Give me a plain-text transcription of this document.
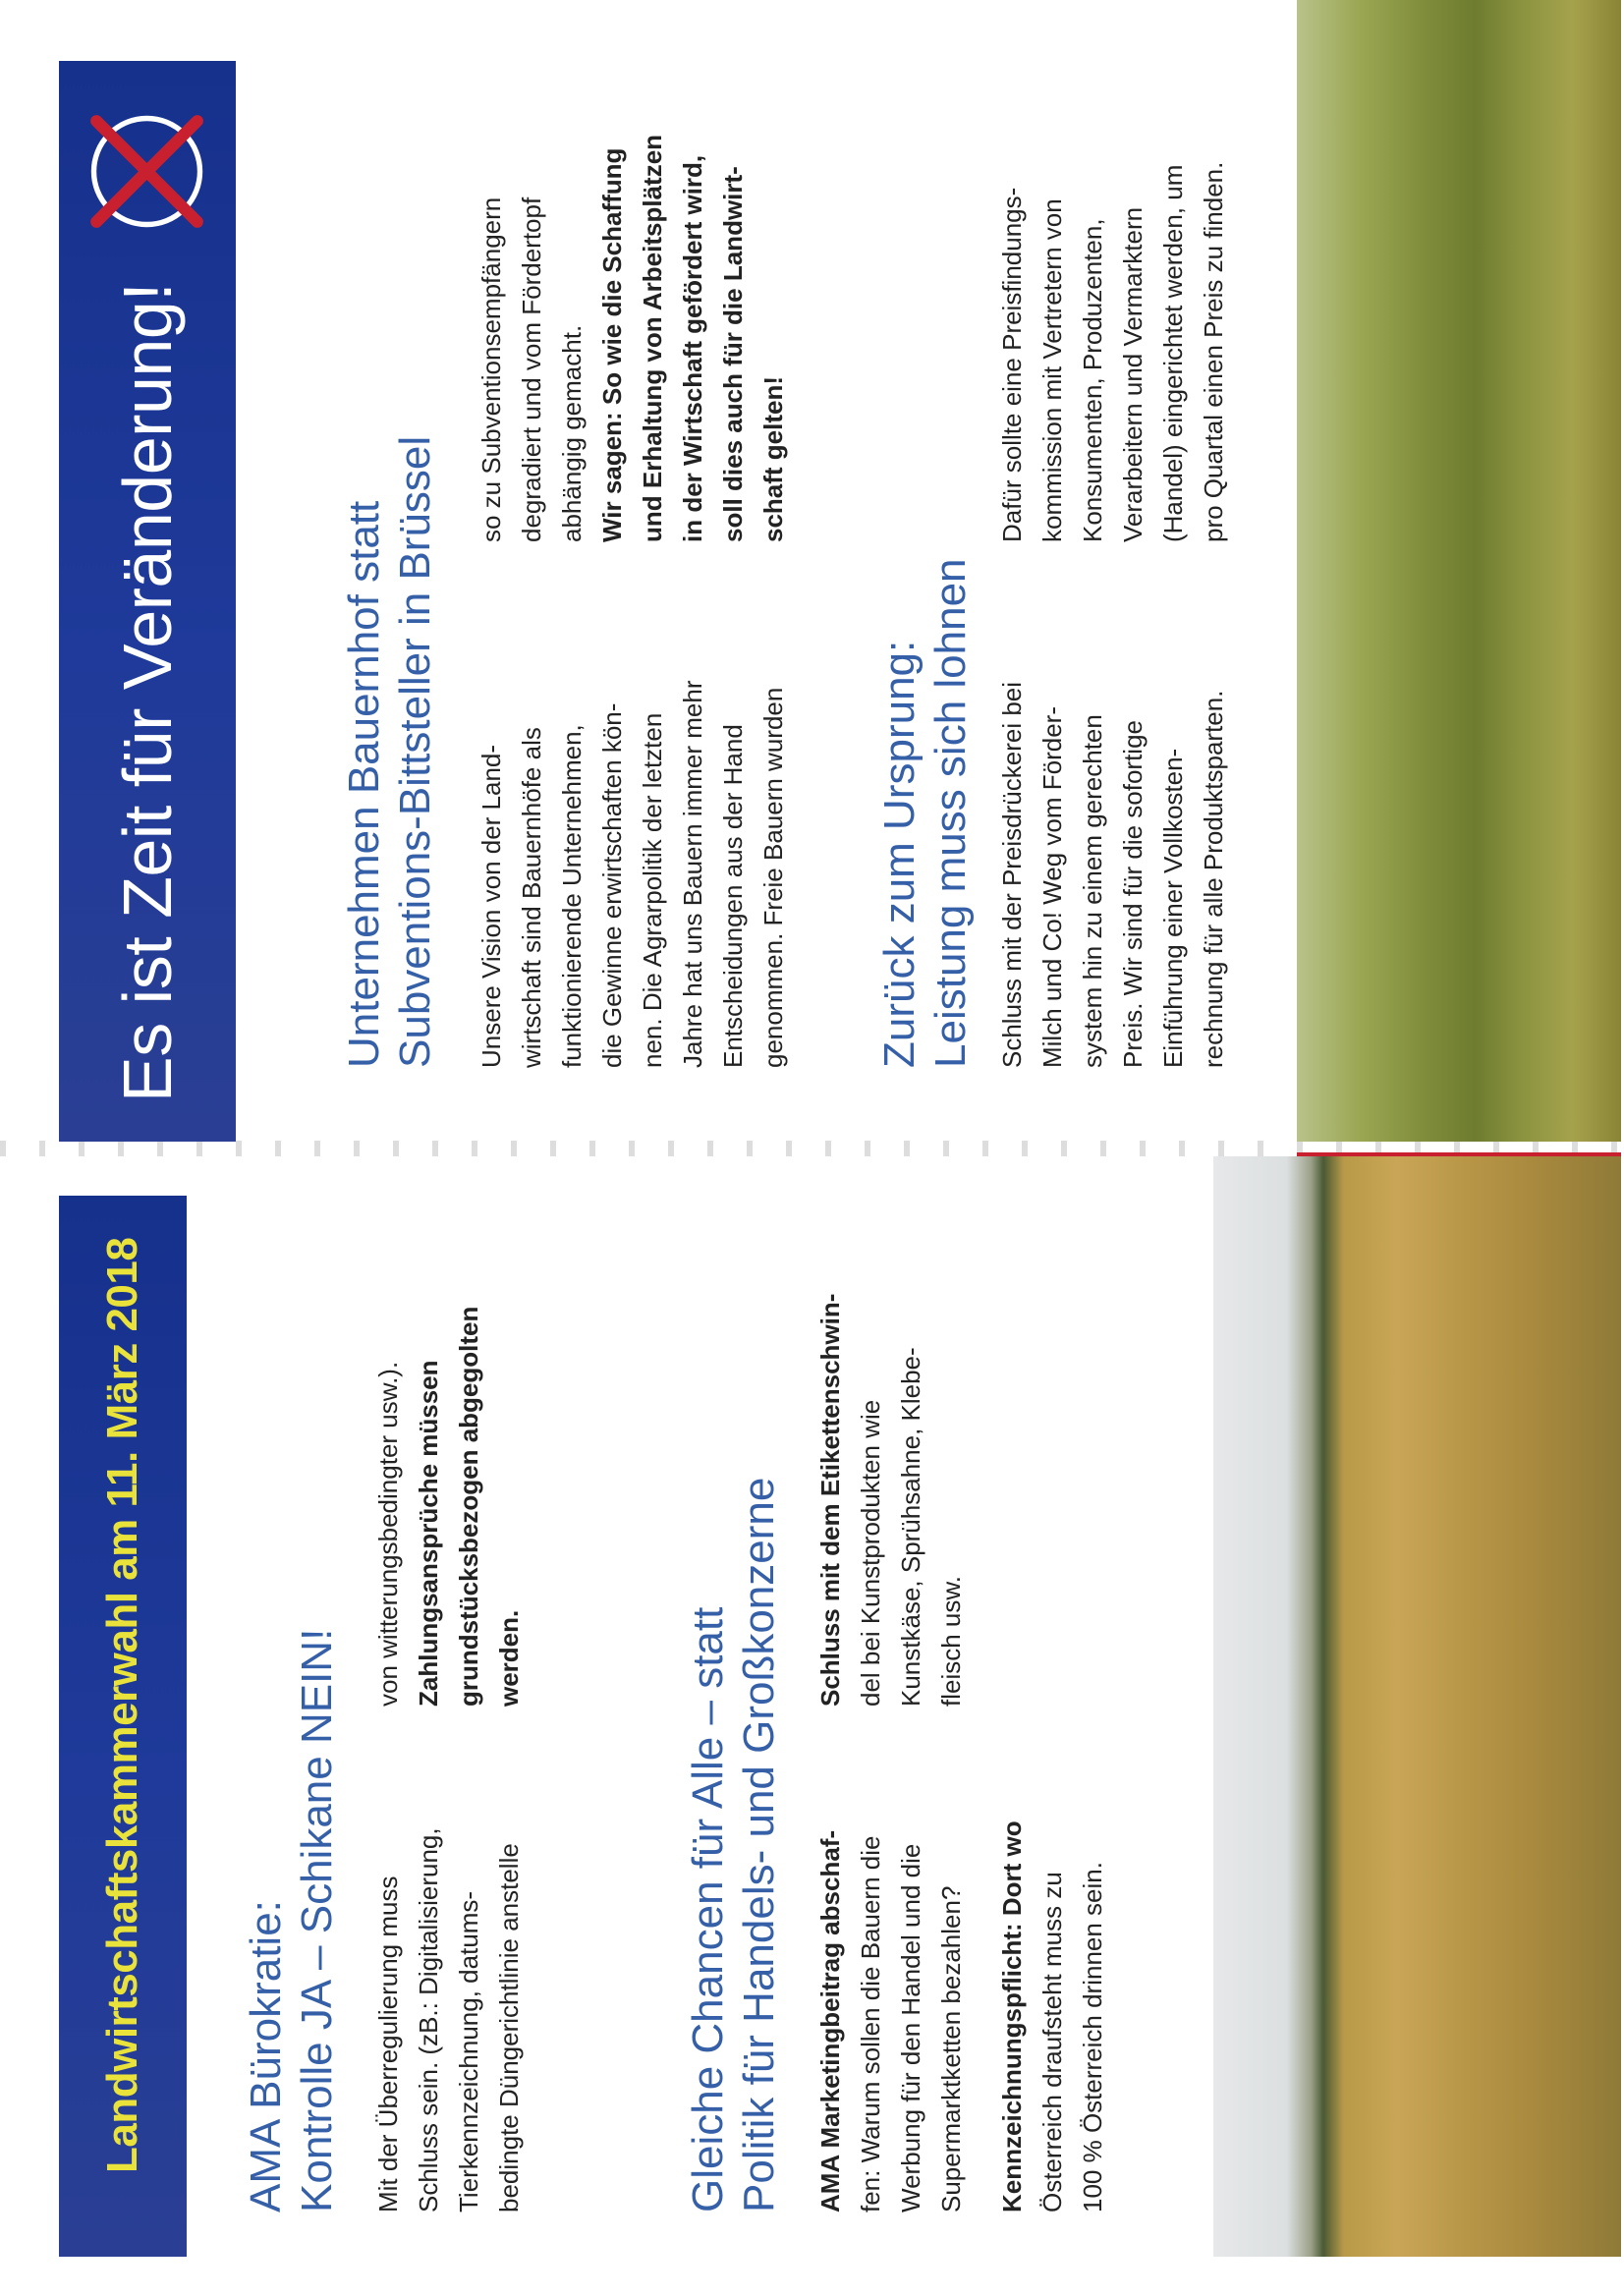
Landwirtschaftskammerwahl am 11. März 2018 AMA Bürokratie:
Kontrolle JA – Schikane NEIN! Mit der Überregulierung muss Schluss sein. (zB.: Digitalisierung, Tierkennzeichnung, datums- bedingte Düngerichtlinie anstelle

von witterungsbedingter usw.). Zahlungsansprüche müssen grundstücksbezogen abgegolten werden.	Gleiche Chancen für Alle – statt
Politik für Handels- und Großkonzerne AMA Marketingbeitrag abschaf- fen: Warum sollen die Bauern die Werbung für den Handel und die Supermarktketten bezahlen? Kennzeichnungspflicht: Dort wo Österreich draufsteht muss zu 100 % Österreich drinnen sein.

Schluss mit dem Etikettenschwin- del bei Kunstprodukten wie Kunstkäse, Sprühsahne, Klebe- fleisch usw.

Es ist Zeit für Veränderung!	Unternehmen Bauernhof statt
Subventions-Bittsteller in Brüssel Unsere Vision von der Land- wirtschaft sind Bauernhöfe als funktionierende Unternehmen, die Gewinne erwirtschaften kön- nen. Die Agrarpolitik der letzten Jahre hat uns Bauern immer mehr Entscheidungen aus der Hand genommen. Freie Bauern wurden

so zu Subventionsempfängern degradiert und vom Fördertopf abhängig gemacht. Wir sagen: So wie die Schaffung und Erhaltung von Arbeitsplätzen in der Wirtschaft gefördert wird, soll dies auch für die Landwirt- schaft gelten!

Zurück zum Ursprung:
Leistung muss sich lohnen Schluss mit der Preisdrückerei bei Milch und Co! Weg vom Förder- system hin zu einem gerechten Preis. Wir sind für die sofortige Einführung einer Vollkosten- rechnung für alle Produktsparten.

Dafür sollte eine Preisfindungs- kommission mit Vertretern von Konsumenten, Produzenten, Verarbeitern und Vermarktern (Handel) eingerichtet werden, um pro Quartal einen Preis zu finden.
